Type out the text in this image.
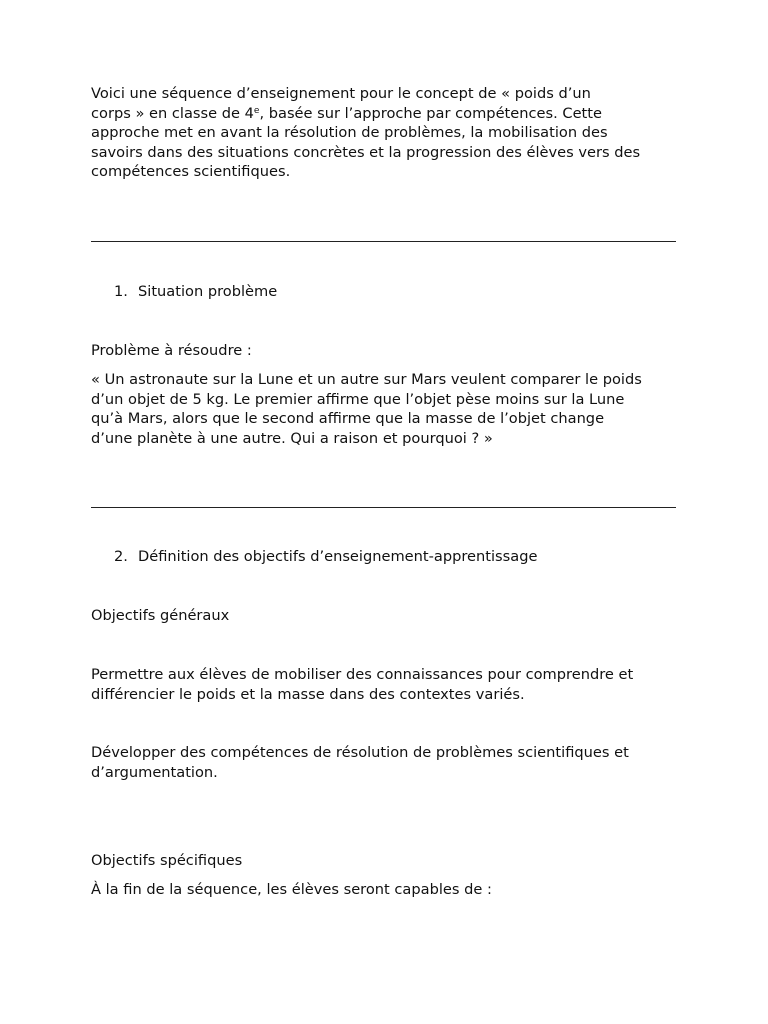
Voici une séquence d’enseignement pour le concept de « poids d’un
corps » en classe de 4e, basée sur l’approche par compétences. Cette
approche met en avant la résolution de problèmes, la mobilisation des
savoirs dans des situations concrètes et la progression des élèves vers des
compétences scientifiques.

1. Situation problème

Problème à résoudre :

« Un astronaute sur la Lune et un autre sur Mars veulent comparer le poids
d’un objet de 5 kg. Le premier affirme que l’objet pèse moins sur la Lune
qu’à Mars, alors que le second affirme que la masse de l’objet change
d’une planète à une autre. Qui a raison et pourquoi ? »

2. Définition des objectifs d’enseignement-apprentissage

Objectifs généraux

Permettre aux élèves de mobiliser des connaissances pour comprendre et
différencier le poids et la masse dans des contextes variés.

Développer des compétences de résolution de problèmes scientifiques et
d’argumentation.

Objectifs spécifiques

À la fin de la séquence, les élèves seront capables de :
